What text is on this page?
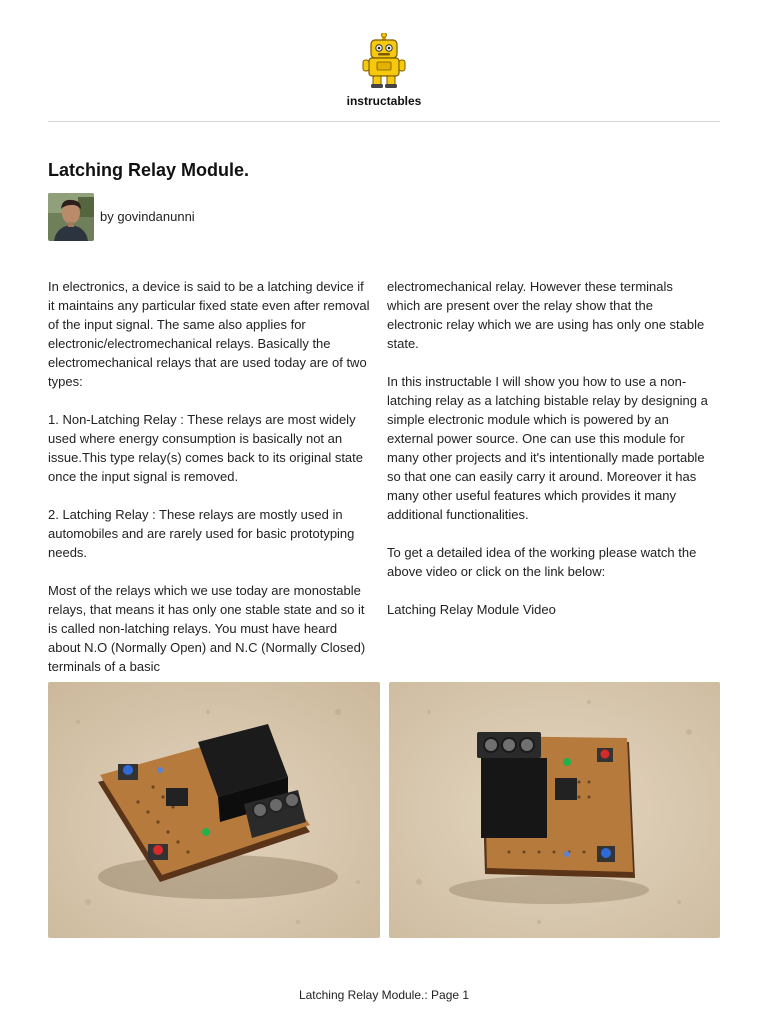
instructables
Latching Relay Module.
by govindanunni

In electronics, a device is said to be a latching device if it maintains any particular fixed state even after removal of the input signal. The same also applies for electronic/electromechanical relays. Basically the electromechanical relays that are used today are of two types:

1. Non-Latching Relay : These relays are most widely used where energy consumption is basically not an issue.This type relay(s) comes back to its original state once the input signal is removed.

2. Latching Relay : These relays are mostly used in automobiles and are rarely used for basic prototyping needs.

Most of the relays which we use today are monostable relays, that means it has only one stable state and so it is called non-latching relays. You must have heard about N.O (Normally Open) and N.C (Normally Closed) terminals of a basic

electromechanical relay. However these terminals which are present over the relay show that the electronic relay which we are using has only one stable state.

In this instructable I will show you how to use a non-latching relay as a latching bistable relay by designing a simple electronic module which is powered by an external power source. One can use this module for many other projects and it's intentionally made portable so that one can easily carry it around. Moreover it has many other useful features which provides it many additional functionalities.

To get a detailed idea of the working please watch the above video or click on the link below:

Latching Relay Module Video

Latching Relay Module.: Page 1
